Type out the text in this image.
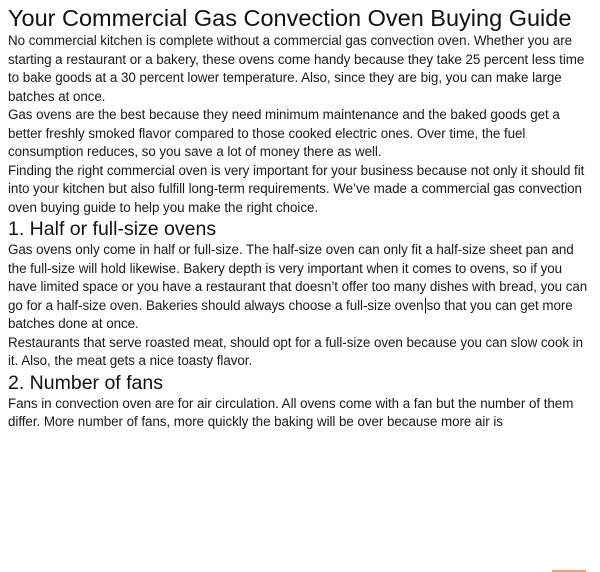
Your Commercial Gas Convection Oven Buying Guide

No commercial kitchen is complete without a commercial gas convection oven. Whether you are starting a restaurant or a bakery, these ovens come handy because they take 25 percent less time to bake goods at a 30 percent lower temperature. Also, since they are big, you can make large batches at once.

Gas ovens are the best because they need minimum maintenance and the baked goods get a better freshly smoked flavor compared to those cooked electric ones. Over time, the fuel consumption reduces, so you save a lot of money there as well.

Finding the right commercial oven is very important for your business because not only it should fit into your kitchen but also fulfill long-term requirements. We’ve made a commercial gas convection oven buying guide to help you make the right choice.

1. Half or full-size ovens

Gas ovens only come in half or full-size. The half-size oven can only fit a half-size sheet pan and the full-size will hold likewise. Bakery depth is very important when it comes to ovens, so if you have limited space or you have a restaurant that doesn’t offer too many dishes with bread, you can go for a half-size oven. Bakeries should always choose a full-size oven so that you can get more batches done at once.

Restaurants that serve roasted meat, should opt for a full-size oven because you can slow cook in it. Also, the meat gets a nice toasty flavor.

2. Number of fans

Fans in convection oven are for air circulation. All ovens come with a fan but the number of them differ. More number of fans, more quickly the baking will be over because more air is
